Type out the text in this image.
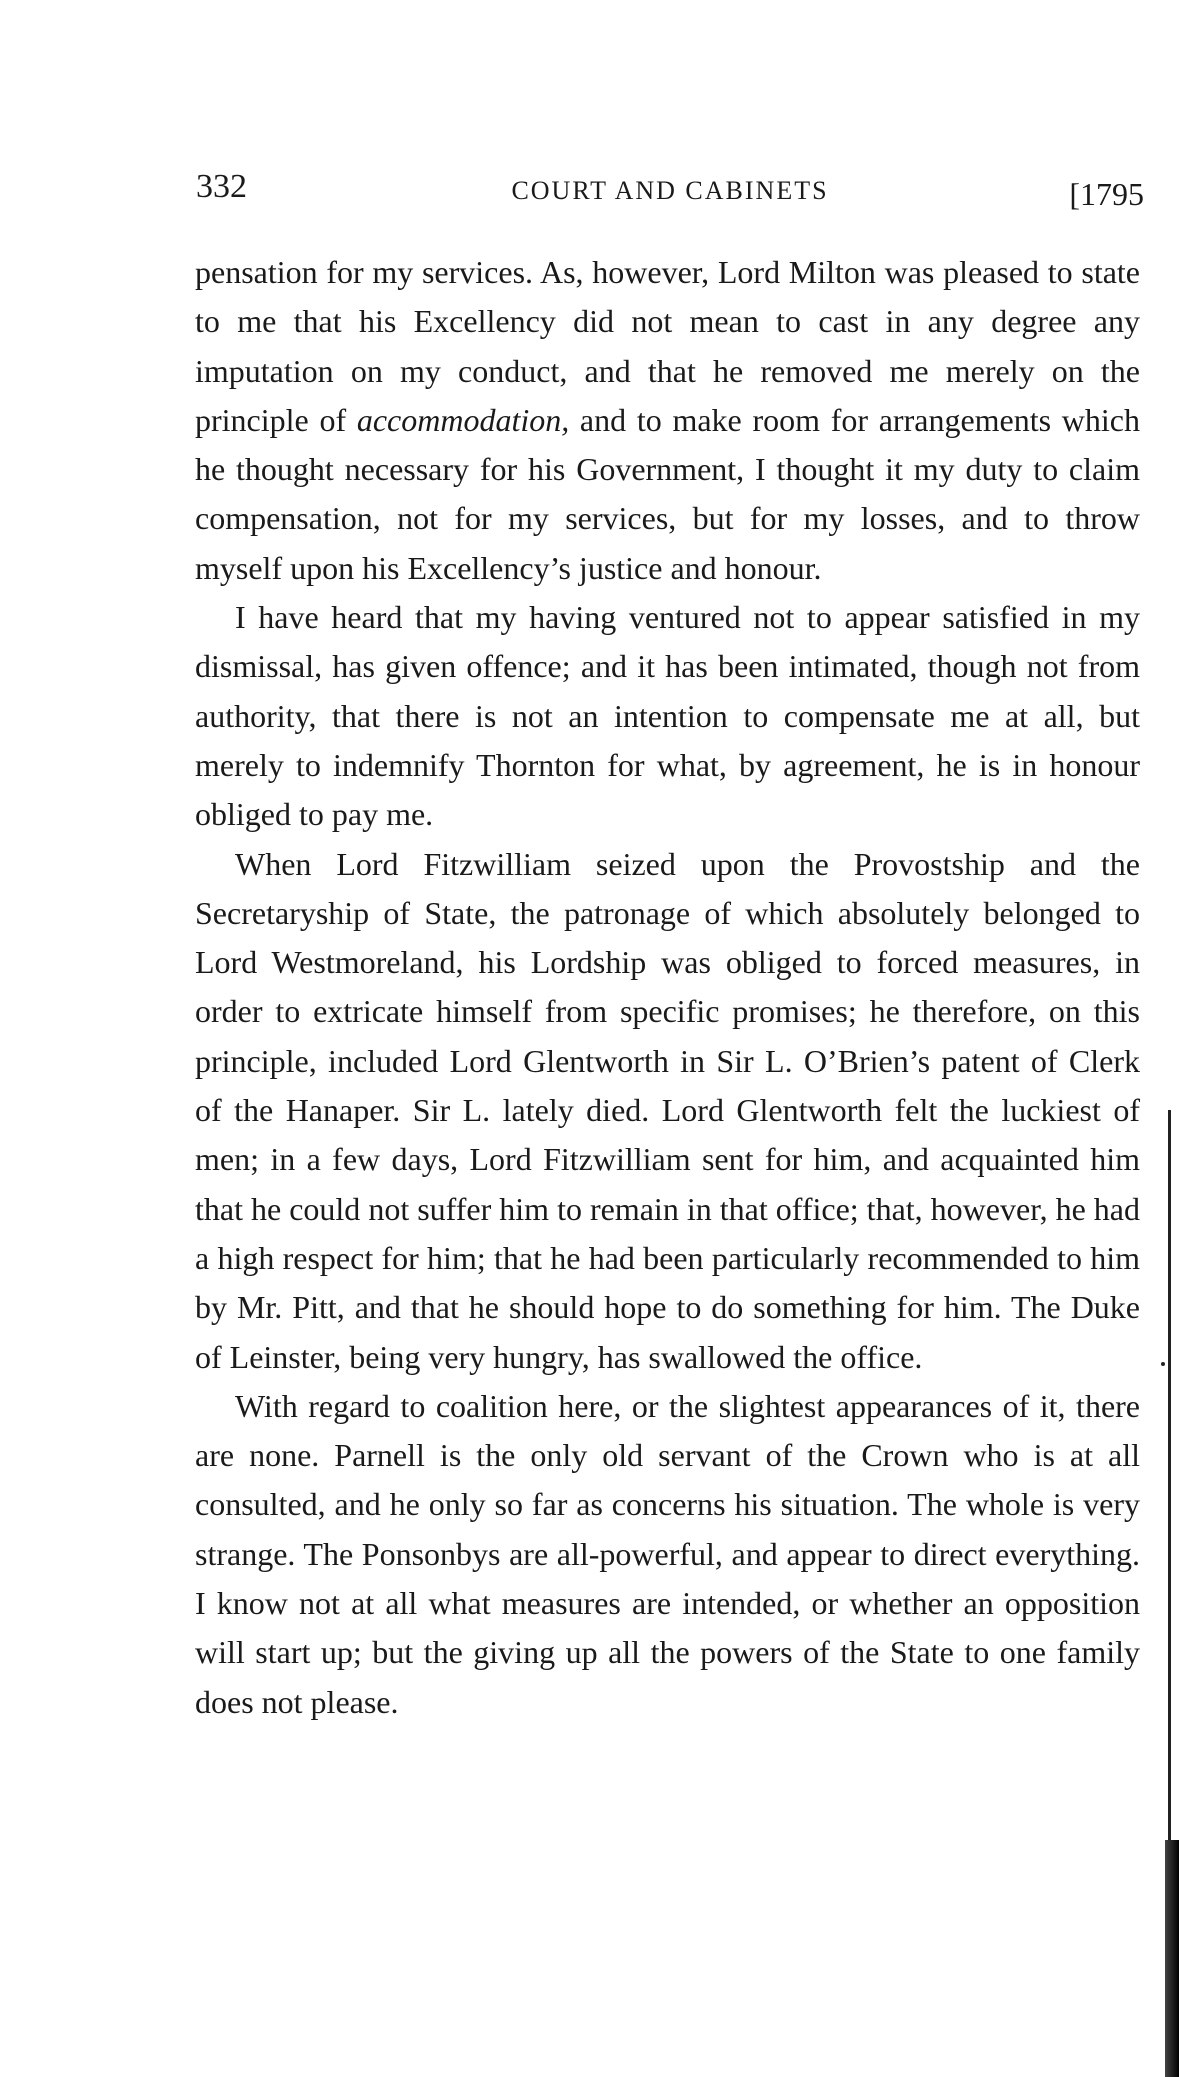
332	COURT AND CABINETS	[1795

pensation for my services. As, however, Lord Milton was pleased to state to me that his Excellency did not mean to cast in any degree any imputation on my conduct, and that he removed me merely on the principle of accommodation, and to make room for arrangements which he thought necessary for his Government, I thought it my duty to claim compensation, not for my services, but for my losses, and to throw myself upon his Excellency’s justice and honour.

I have heard that my having ventured not to appear satisfied in my dismissal, has given offence; and it has been intimated, though not from authority, that there is not an intention to compensate me at all, but merely to indemnify Thornton for what, by agreement, he is in honour obliged to pay me.

When Lord Fitzwilliam seized upon the Provostship and the Secretaryship of State, the patronage of which absolutely belonged to Lord Westmoreland, his Lordship was obliged to forced measures, in order to extricate himself from specific promises; he therefore, on this principle, included Lord Glentworth in Sir L. O’Brien’s patent of Clerk of the Hanaper. Sir L. lately died. Lord Glentworth felt the luckiest of men; in a few days, Lord Fitzwilliam sent for him, and acquainted him that he could not suffer him to remain in that office; that, however, he had a high respect for him; that he had been particularly recommended to him by Mr. Pitt, and that he should hope to do something for him. The Duke of Leinster, being very hungry, has swallowed the office.

With regard to coalition here, or the slightest appearances of it, there are none. Parnell is the only old servant of the Crown who is at all consulted, and he only so far as concerns his situation. The whole is very strange. The Ponsonbys are all-powerful, and appear to direct everything. I know not at all what measures are intended, or whether an opposition will start up; but the giving up all the powers of the State to one family does not please.
